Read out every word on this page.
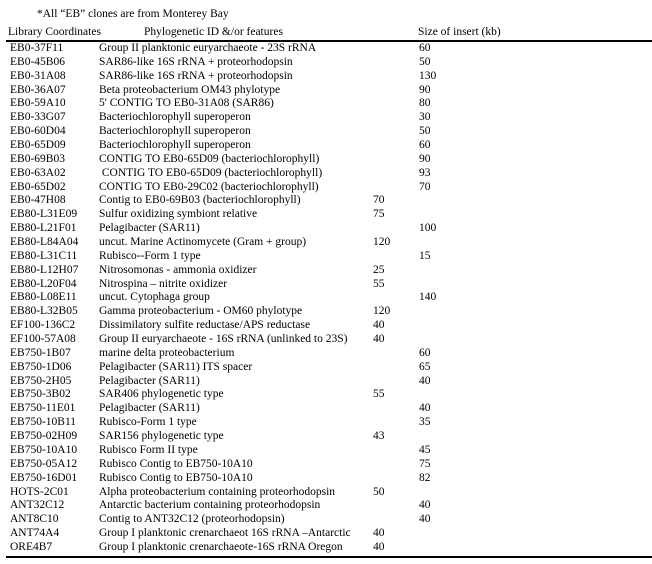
*All “EB” clones are from Monterey Bay
Library Coordinates	Phylogenetic ID &/or features	Size of insert (kb)
EB0-37F11	Group II planktonic euryarchaeote - 23S rRNA	60
EB0-45B06	SAR86-like 16S rRNA + proteorhodopsin	50
EB0-31A08	SAR86-like 16S rRNA + proteorhodopsin	130
EB0-36A07	Beta proteobacterium OM43 phylotype	90
EB0-59A10	5' CONTIG TO EB0-31A08 (SAR86)	80
EB0-33G07	Bacteriochlorophyll superoperon	30
EB0-60D04	Bacteriochlorophyll superoperon	50
EB0-65D09	Bacteriochlorophyll superoperon	60
EB0-69B03	CONTIG TO EB0-65D09 (bacteriochlorophyll)	90
EB0-63A02	CONTIG TO EB0-65D09 (bacteriochlorophyll)	93
EB0-65D02	CONTIG TO EB0-29C02 (bacteriochlorophyll)	70
EB0-47H08	Contig to EB0-69B03 (bacteriochlorophyll)	70
EB80-L31E09 Sulfur oxidizing symbiont relative	75
EB80-L21F01 Pelagibacter (SAR11)	100
EB80-L84A04 uncut. Marine Actinomycete (Gram + group)	120
EB80-L31C11 Rubisco--Form 1 type	15
EB80-L12H07 Nitrosomonas - ammonia oxidizer	25
EB80-L20F04 Nitrospina – nitrite oxidizer	55
EB80-L08E11 uncut. Cytophaga group	140
EB80-L32B05 Gamma proteobacterium - OM60 phylotype	120
EF100-136C2 Dissimilatory sulfite reductase/APS reductase	40
EF100-57A08 Group II euryarchaeote - 16S rRNA (unlinked to 23S) 40
EB750-1B07 marine delta proteobacterium	60
EB750-1D06 Pelagibacter (SAR11) ITS spacer	65
EB750-2H05 Pelagibacter (SAR11)	40
EB750-3B02 SAR406 phylogenetic type	55
EB750-11E01 Pelagibacter (SAR11)	40
EB750-10B11 Rubisco-Form 1 type	35
EB750-02H09 SAR156 phylogenetic type	43
EB750-10A10 Rubisco Form II type	45
EB750-05A12 Rubisco Contig to EB750-10A10	75
EB750-16D01 Rubisco Contig to EB750-10A10	82
HOTS-2C01	Alpha proteobacterium containing proteorhodopsin	50
ANT32C12	Antarctic bacterium containing proteorhodopsin	40
ANT8C10	Contig to ANT32C12 (proteorhodopsin)	40
ANT74A4	Group I planktonic crenarchaeot 16S rRNA –Antarctic 40
ORE4B7	Group I planktonic crenarchaeote-16S rRNA Oregon	40
